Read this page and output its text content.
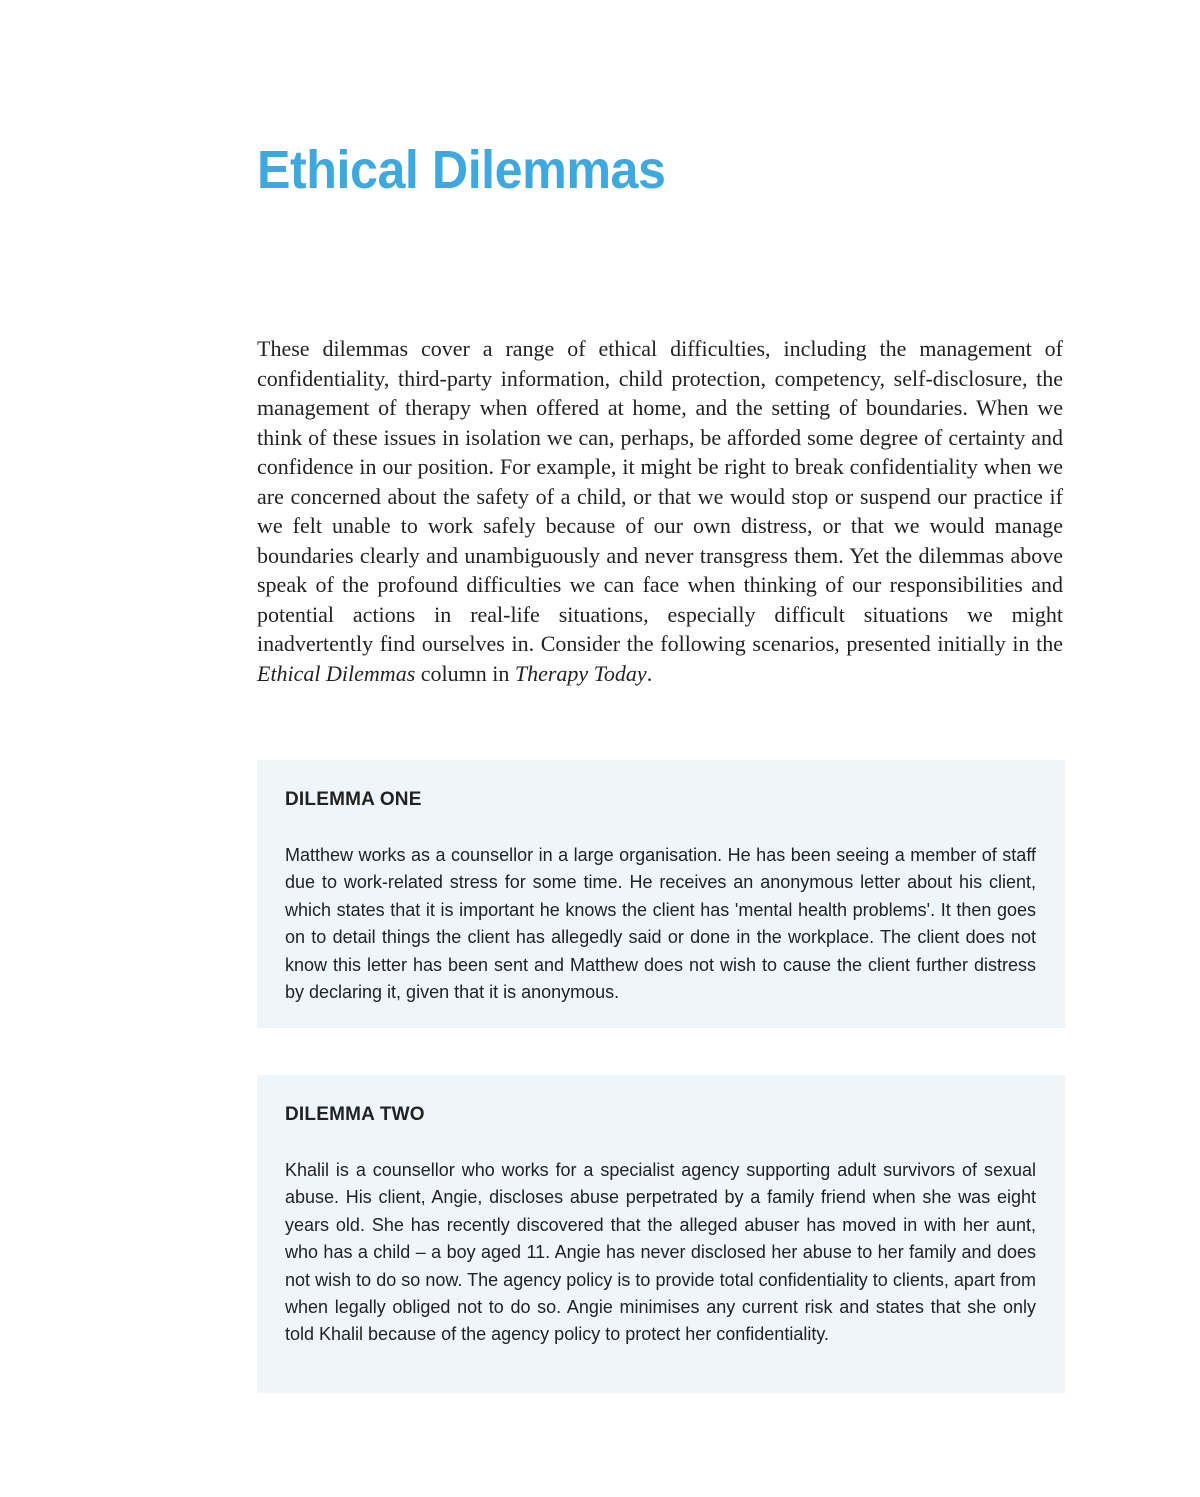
Ethical Dilemmas

These dilemmas cover a range of ethical difficulties, including the management of confidentiality, third-party information, child protection, competency, self-disclosure, the management of therapy when offered at home, and the setting of boundaries. When we think of these issues in isolation we can, perhaps, be afforded some degree of certainty and confidence in our position. For example, it might be right to break confidentiality when we are concerned about the safety of a child, or that we would stop or suspend our practice if we felt unable to work safely because of our own distress, or that we would manage boundaries clearly and unambiguously and never transgress them. Yet the dilemmas above speak of the profound difficulties we can face when thinking of our responsibilities and potential actions in real-life situations, especially difficult situations we might inadvertently find ourselves in. Consider the following scenarios, presented initially in the Ethical Dilemmas column in Therapy Today.

DILEMMA ONE

Matthew works as a counsellor in a large organisation. He has been seeing a member of staff due to work-related stress for some time. He receives an anonymous letter about his client, which states that it is important he knows the client has 'mental health problems'. It then goes on to detail things the client has allegedly said or done in the workplace. The client does not know this letter has been sent and Matthew does not wish to cause the client further distress by declaring it, given that it is anonymous.

DILEMMA TWO

Khalil is a counsellor who works for a specialist agency supporting adult survivors of sexual abuse. His client, Angie, discloses abuse perpetrated by a family friend when she was eight years old. She has recently discovered that the alleged abuser has moved in with her aunt, who has a child – a boy aged 11. Angie has never disclosed her abuse to her family and does not wish to do so now. The agency policy is to provide total confidentiality to clients, apart from when legally obliged not to do so. Angie minimises any current risk and states that she only told Khalil because of the agency policy to protect her confidentiality.
